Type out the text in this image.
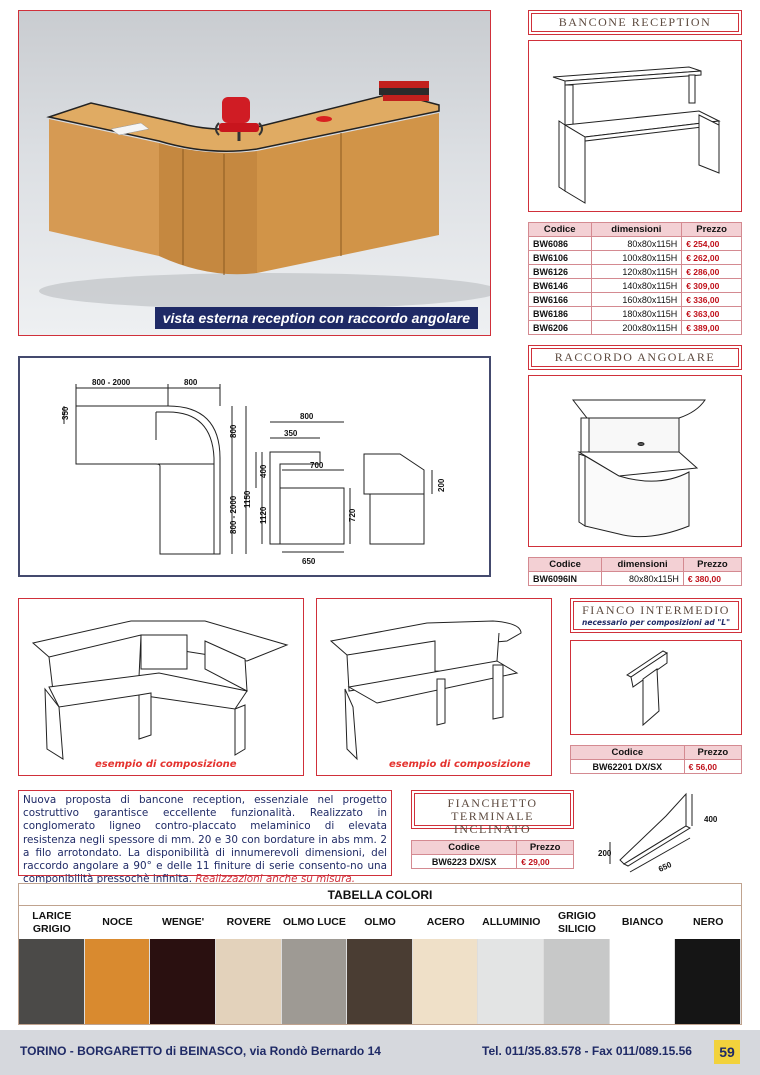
vista esterna reception con raccordo angolare
BANCONE RECEPTION
Codice	dimensioni	Prezzo
BW6086	80x80x115H	€ 254,00
BW6106	100x80x115H	€ 262,00
BW6126	120x80x115H	€ 286,00
BW6146	140x80x115H	€ 309,00
BW6166	160x80x115H	€ 336,00
BW6186	180x80x115H	€ 363,00
BW6206	200x80x115H	€ 389,00
RACCORDO ANGOLARE
Codice	dimensioni	Prezzo
BW6096IN	80x80x115H	€ 380,00
800 - 2000	800
350
800
800 - 2000 1150
800
350
700
400
1120	720
650
200
esempio di composizione	esempio di composizione
FIANCO INTERMEDIO
necessario per composizioni ad "L"
Codice	Prezzo
BW62201 DX/SX	€ 56,00
Nuova proposta di bancone reception, essenziale nel progetto costruttivo garantisce eccellente funzionalità. Realizzato in conglomerato ligneo contro-placcato melaminico di elevata resistenza negli spessore di mm. 20 e 30 con bordature in abs mm. 2 a filo arrotondato. La disponibilità di innumerevoli dimensioni, del raccordo angolare a 90° e delle 11 finiture di serie consento-no una componibilità pressochè infinita. Realizzazioni anche su misura.
FIANCHETTO TERMINALE
INCLINATO
Codice	Prezzo
BW6223 DX/SX	€ 29,00
400
200
650
TABELLA COLORI
LARICE GRIGIO
NOCE	WENGE'	ROVERE	OLMO LUCE	OLMO	ACERO	ALLUMINIO
GRIGIO SILICIO
BIANCO	NERO
TORINO - BORGARETTO di BEINASCO, via Rondò Bernardo 14	Tel. 011/35.83.578 - Fax 011/089.15.56	59
